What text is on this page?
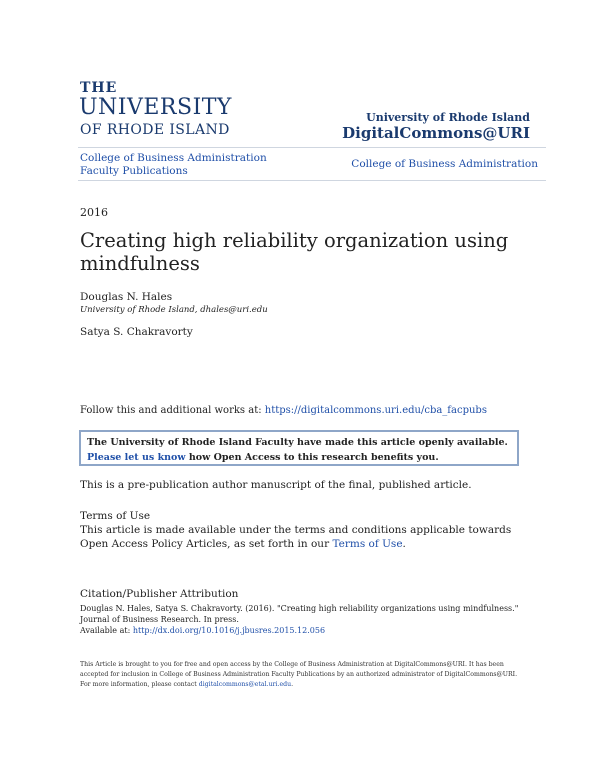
THE
UNIVERSITY
OF RHODE ISLAND
University of Rhode Island
DigitalCommons@URI
College of Business Administration Faculty Publications
College of Business Administration
2016
Creating high reliability organization using mindfulness
Douglas N. Hales
University of Rhode Island, dhales@uri.edu
Satya S. Chakravorty
Follow this and additional works at: https://digitalcommons.uri.edu/cba_facpubs
The University of Rhode Island Faculty have made this article openly available.
Please let us know how Open Access to this research benefits you.
This is a pre-publication author manuscript of the final, published article.
Terms of Use
This article is made available under the terms and conditions applicable towards Open Access Policy Articles, as set forth in our Terms of Use.
Citation/Publisher Attribution
Douglas N. Hales, Satya S. Chakravorty. (2016). "Creating high reliability organizations using mindfulness." Journal of Business Research. In press.
Available at: http://dx.doi.org/10.1016/j.jbusres.2015.12.056
This Article is brought to you for free and open access by the College of Business Administration at DigitalCommons@URI. It has been accepted for inclusion in College of Business Administration Faculty Publications by an authorized administrator of DigitalCommons@URI. For more information, please contact digitalcommons@etal.uri.edu.
